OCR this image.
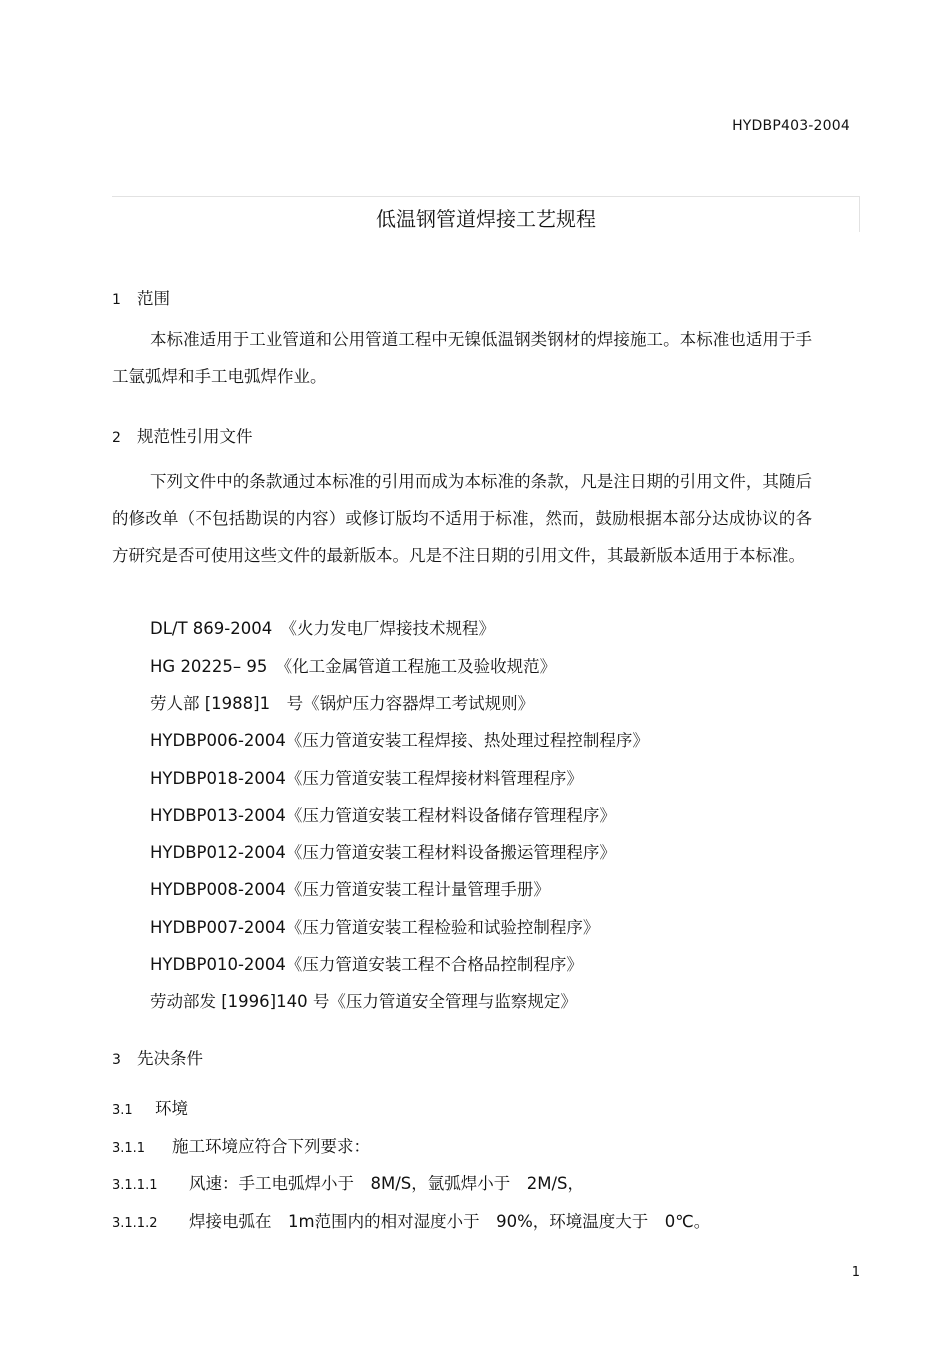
HYDBP403-2004
低温钢管道焊接工艺规程
1 范围
本标准适用于工业管道和公用管道工程中无镍低温钢类钢材的焊接施工。本标准也适用于手工氩弧焊和手工电弧焊作业。
2 规范性引用文件
下列文件中的条款通过本标准的引用而成为本标准的条款，凡是注日期的引用文件，其随后的修改单（不包括勘误的内容）或修订版均不适用于标准，然而，鼓励根据本部分达成协议的各方研究是否可使用这些文件的最新版本。凡是不注日期的引用文件，其最新版本适用于本标准。
DL/T 869-2004　《火力发电厂焊接技术规程》
HG 20225– 95　《化工金属管道工程施工及验收规范》
劳人部 [1988]1　号《锅炉压力容器焊工考试规则》
HYDBP006-2004《压力管道安装工程焊接、热处理过程控制程序》
HYDBP018-2004《压力管道安装工程焊接材料管理程序》
HYDBP013-2004《压力管道安装工程材料设备储存管理程序》
HYDBP012-2004《压力管道安装工程材料设备搬运管理程序》
HYDBP008-2004《压力管道安装工程计量管理手册》
HYDBP007-2004《压力管道安装工程检验和试验控制程序》
HYDBP010-2004《压力管道安装工程不合格品控制程序》
劳动部发 [1996]140 号《压力管道安全管理与监察规定》
3 先决条件
3.1 环境
3.1.1 施工环境应符合下列要求：
3.1.1.1 风速：手工电弧焊小于　8M/S，氩弧焊小于　2M/S，
3.1.1.2 焊接电弧在　1m范围内的相对湿度小于　90%，环境温度大于　0℃。
1
